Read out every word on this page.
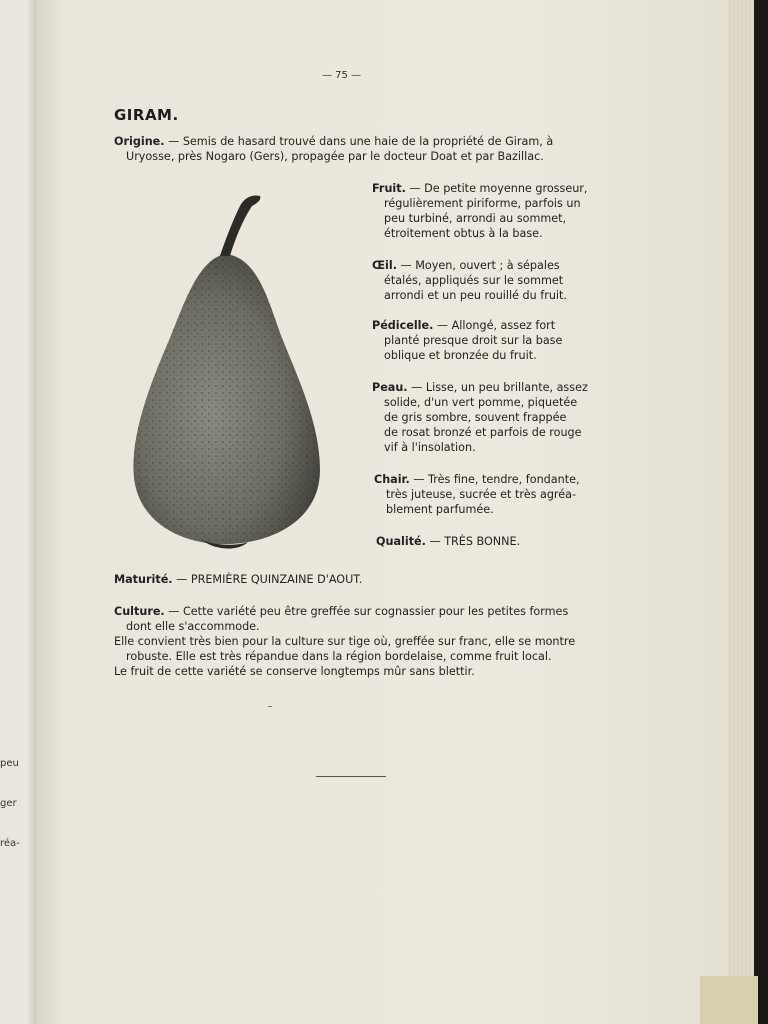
peu
ger
réa-
— 75 —
GIRAM.
Origine. — Semis de hasard trouvé dans une haie de la propriété de Giram, à
Uryosse, près Nogaro (Gers), propagée par le docteur Doat et par Bazillac.
Fruit. — De petite moyenne grosseur,
régulièrement piriforme, parfois un
peu turbiné, arrondi au sommet,
étroitement obtus à la base.
Œil. — Moyen, ouvert ; à sépales
étalés, appliqués sur le sommet
arrondi et un peu rouillé du fruit.
Pédicelle. — Allongé, assez fort
planté presque droit sur la base
oblique et bronzée du fruit.
Peau. — Lisse, un peu brillante, assez
solide, d'un vert pomme, piquetée
de gris sombre, souvent frappée
de rosat bronzé et parfois de rouge
vif à l'insolation.
Chair. — Très fine, tendre, fondante,
très juteuse, sucrée et très agréa-
blement parfumée.
Qualité. — TRÈS BONNE.
Maturité. — PREMIÈRE QUINZAINE D'AOUT.
Culture. — Cette variété peu être greffée sur cognassier pour les petites formes
dont elle s'accommode.
Elle convient très bien pour la culture sur tige où, greffée sur franc, elle se montre
robuste. Elle est très répandue dans la région bordelaise, comme fruit local.
Le fruit de cette variété se conserve longtemps mûr sans blettir.
